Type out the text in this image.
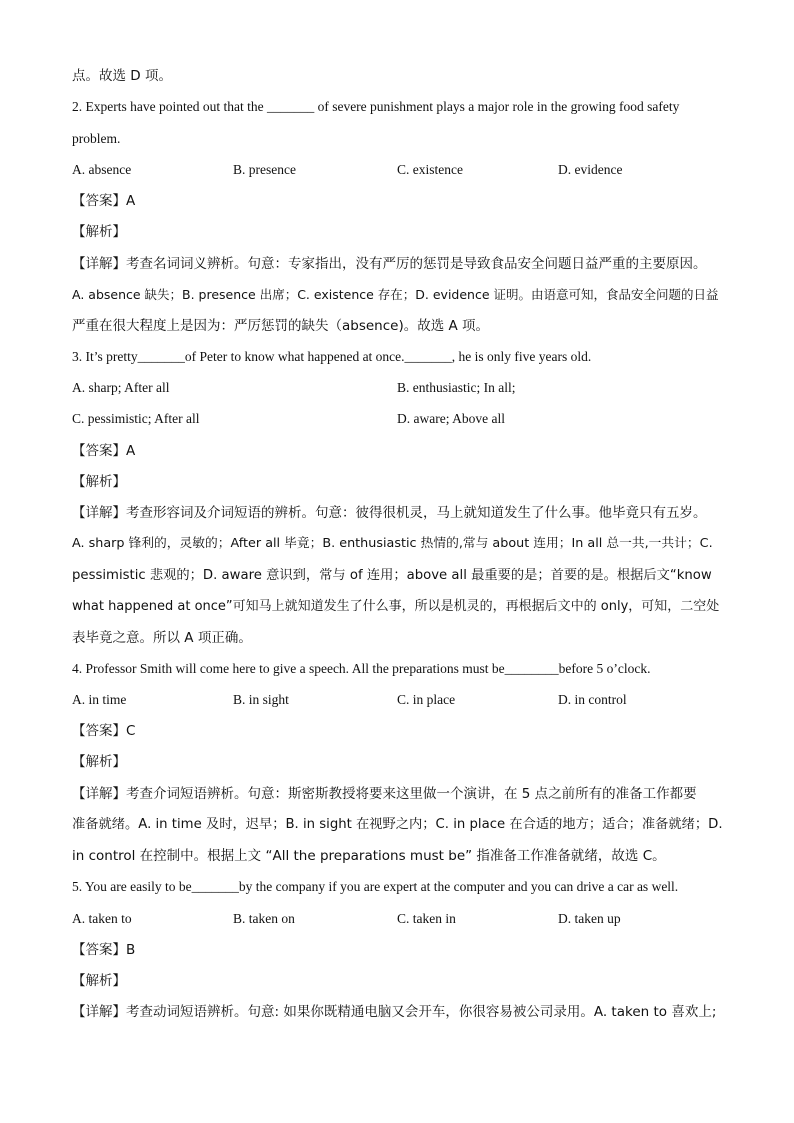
点。故选 D 项。
2. Experts have pointed out that the _______ of severe punishment plays a major role in the growing food safety
problem.
A. absence	B. presence	C. existence	D. evidence
【答案】A
【解析】
【详解】考查名词词义辨析。句意：专家指出，没有严厉的惩罚是导致食品安全问题日益严重的主要原因。
A. absence 缺失；B. presence 出席；C. existence 存在；D. evidence 证明。由语意可知，食品安全问题的日益
严重在很大程度上是因为：严厉惩罚的缺失（absence)。故选 A 项。
3. It’s pretty_______of Peter to know what happened at once._______, he is only five years old.
A. sharp; After all	B. enthusiastic; In all;
C. pessimistic; After all	D. aware; Above all
【答案】A
【解析】
【详解】考查形容词及介词短语的辨析。句意：彼得很机灵，马上就知道发生了什么事。他毕竟只有五岁。
A. sharp 锋利的，灵敏的；After all 毕竟；B. enthusiastic 热情的,常与 about 连用；In all 总一共,一共计；C.
pessimistic 悲观的；D. aware 意识到，常与 of 连用；above all 最重要的是；首要的是。根据后文“know
what happened at once”可知马上就知道发生了什么事，所以是机灵的，再根据后文中的 only，可知，二空处
表毕竟之意。所以 A 项正确。
4. Professor Smith will come here to give a speech. All the preparations must be________before 5 o’clock.
A. in time	B. in sight	C. in place	D. in control
【答案】C
【解析】
【详解】考查介词短语辨析。句意：斯密斯教授将要来这里做一个演讲，在 5 点之前所有的准备工作都要
准备就绪。A. in time 及时，迟早；B. in sight 在视野之内；C. in place 在合适的地方；适合；准备就绪；D.
in control 在控制中。根据上文 “All the preparations must be” 指准备工作准备就绪，故选 C。
5. You are easily to be_______by the company if you are expert at the computer and you can drive a car as well.
A. taken to	B. taken on	C. taken in	D. taken up
【答案】B
【解析】
【详解】考查动词短语辨析。句意: 如果你既精通电脑又会开车，你很容易被公司录用。A. taken to 喜欢上;
